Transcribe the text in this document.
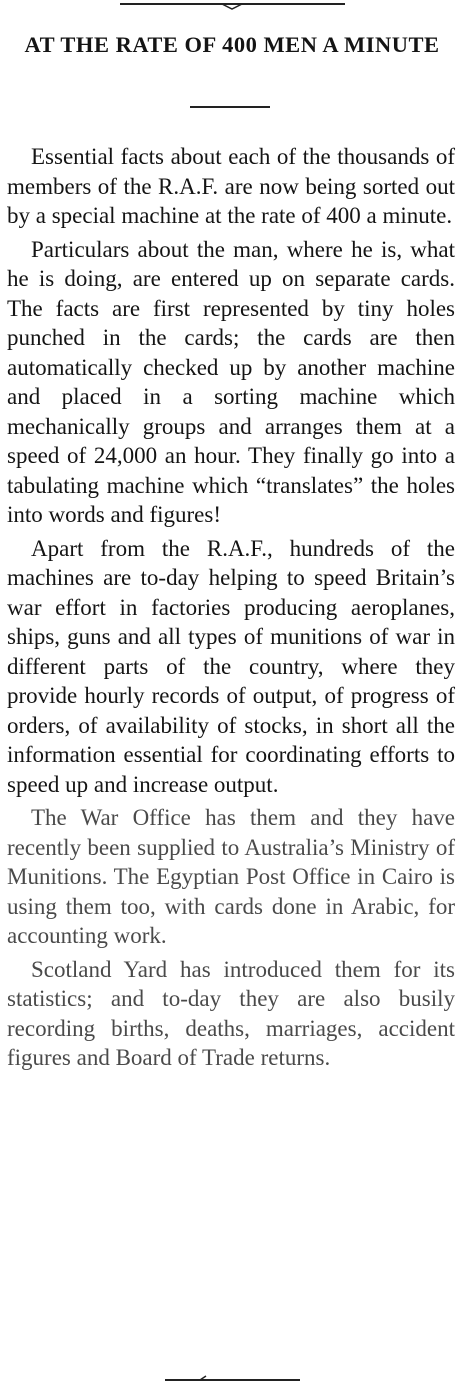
AT THE RATE OF 400 MEN A MINUTE

Essential facts about each of the thousands of members of the R.A.F. are now being sorted out by a special machine at the rate of 400 a minute.

Particulars about the man, where he is, what he is doing, are entered up on separate cards. The facts are first represented by tiny holes punched in the cards; the cards are then automatically checked up by another machine and placed in a sorting machine which mechanically groups and arranges them at a speed of 24,000 an hour. They finally go into a tabulating machine which “translates” the holes into words and figures!

Apart from the R.A.F., hundreds of the machines are to-day helping to speed Britain’s war effort in factories producing aeroplanes, ships, guns and all types of munitions of war in different parts of the country, where they provide hourly records of output, of progress of orders, of availability of stocks, in short all the information essential for coordinating efforts to speed up and increase output.

The War Office has them and they have recently been supplied to Australia’s Ministry of Munitions. The Egyptian Post Office in Cairo is using them too, with cards done in Arabic, for accounting work.

Scotland Yard has introduced them for its statistics; and to-day they are also busily recording births, deaths, marriages, accident figures and Board of Trade returns.
